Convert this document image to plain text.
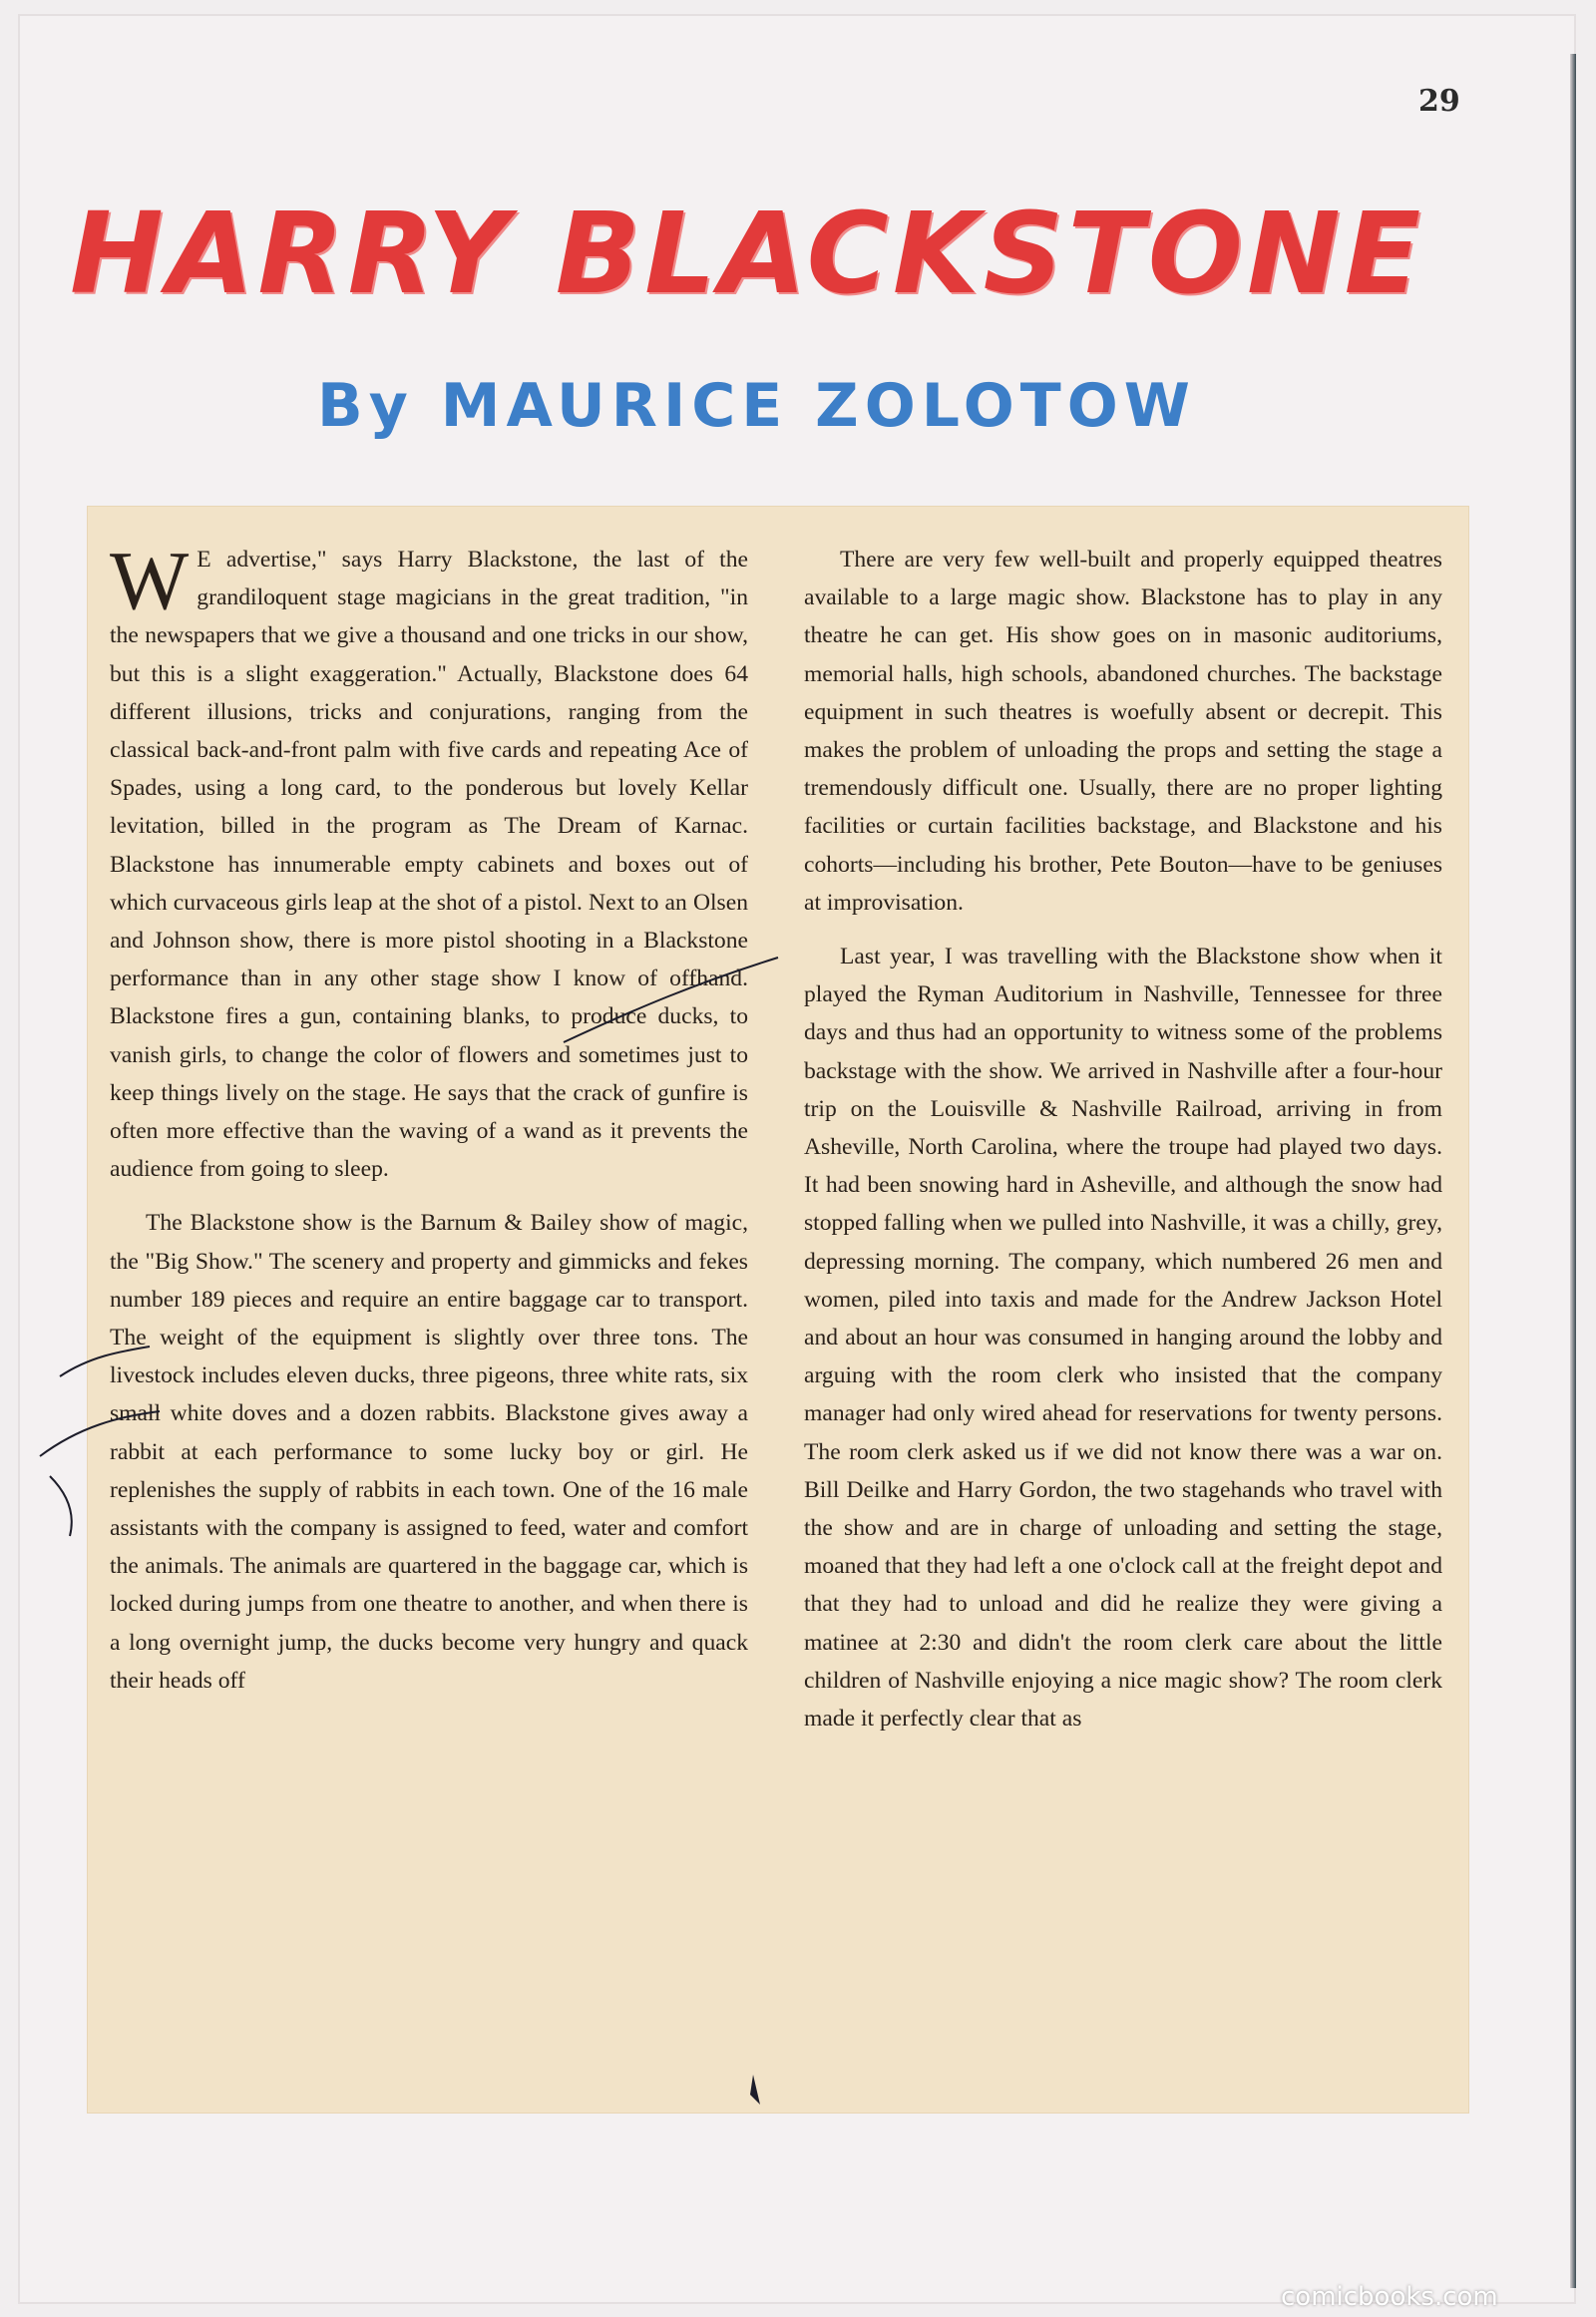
29
HARRY BLACKSTONE
By MAURICE ZOLOTOW

W E advertise," says Harry Blackstone, the last of the grandiloquent stage magicians in the great tradition, "in the newspapers that we give a thousand and one tricks in our show, but this is a slight exaggeration." Actually, Blackstone does 64 different illusions, tricks and conjurations, ranging from the classical back-and-front palm with five cards and repeating Ace of Spades, using a long card, to the ponderous but lovely Kellar levitation, billed in the program as The Dream of Karnac. Blackstone has innumerable empty cabinets and boxes out of which curvaceous girls leap at the shot of a pistol. Next to an Olsen and Johnson show, there is more pistol shooting in a Blackstone performance than in any other stage show I know of offhand. Blackstone fires a gun, containing blanks, to produce ducks, to vanish girls, to change the color of flowers and sometimes just to keep things lively on the stage. He says that the crack of gunfire is often more effective than the waving of a wand as it prevents the audience from going to sleep.

The Blackstone show is the Barnum & Bailey show of magic, the "Big Show." The scenery and property and gimmicks and fekes number 189 pieces and require an entire baggage car to transport. The weight of the equipment is slightly over three tons. The livestock includes eleven ducks, three pigeons, three white rats, six small white doves and a dozen rabbits. Blackstone gives away a rabbit at each performance to some lucky boy or girl. He replenishes the supply of rabbits in each town. One of the 16 male assistants with the company is assigned to feed, water and comfort the animals. The animals are quartered in the baggage car, which is locked during jumps from one theatre to another, and when there is a long overnight jump, the ducks become very hungry and quack their heads off

There are very few well-built and properly equipped theatres available to a large magic show. Blackstone has to play in any theatre he can get. His show goes on in masonic auditoriums, memorial halls, high schools, abandoned churches. The backstage equipment in such theatres is woefully absent or decrepit. This makes the problem of unloading the props and setting the stage a tremendously difficult one. Usually, there are no proper lighting facilities or curtain facilities backstage, and Blackstone and his cohorts—including his brother, Pete Bouton—have to be geniuses at improvisation.

Last year, I was travelling with the Blackstone show when it played the Ryman Auditorium in Nashville, Tennessee for three days and thus had an opportunity to witness some of the problems backstage with the show. We arrived in Nashville after a four-hour trip on the Louisville & Nashville Railroad, arriving in from Asheville, North Carolina, where the troupe had played two days. It had been snowing hard in Asheville, and although the snow had stopped falling when we pulled into Nashville, it was a chilly, grey, depressing morning. The company, which numbered 26 men and women, piled into taxis and made for the Andrew Jackson Hotel and about an hour was consumed in hanging around the lobby and arguing with the room clerk who insisted that the company manager had only wired ahead for reservations for twenty persons. The room clerk asked us if we did not know there was a war on. Bill Deilke and Harry Gordon, the two stagehands who travel with the show and are in charge of unloading and setting the stage, moaned that they had left a one o'clock call at the freight depot and that they had to unload and did he realize they were giving a matinee at 2:30 and didn't the room clerk care about the little children of Nashville enjoying a nice magic show? The room clerk made it perfectly clear that as

comicbooks.com
